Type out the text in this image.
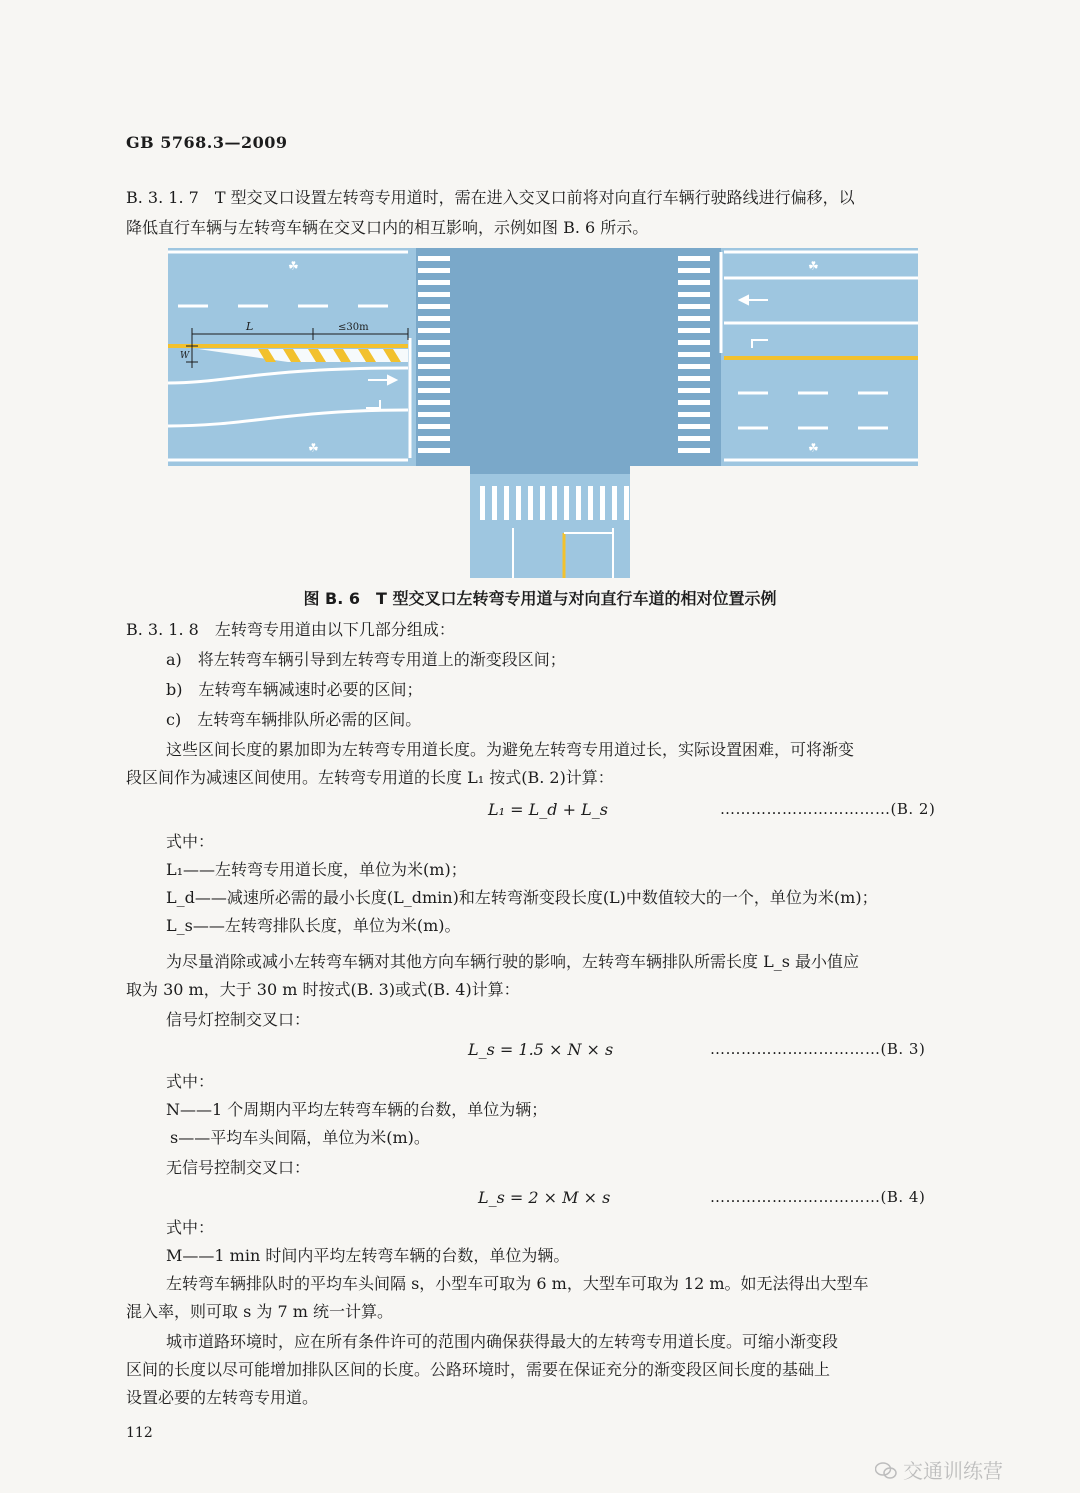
GB 5768.3—2009
B. 3. 1. 7　T 型交叉口设置左转弯专用道时，需在进入交叉口前将对向直行车辆行驶路线进行偏移，以
降低直行车辆与左转弯车辆在交叉口内的相互影响，示例如图 B. 6 所示。
L	≤30m
W
☘
☘
☘
☘
图 B. 6　T 型交叉口左转弯专用道与对向直行车道的相对位置示例
B. 3. 1. 8　左转弯专用道由以下几部分组成：
a)　将左转弯车辆引导到左转弯专用道上的渐变段区间；
b)　左转弯车辆减速时必要的区间；
c)　左转弯车辆排队所必需的区间。
这些区间长度的累加即为左转弯专用道长度。为避免左转弯专用道过长，实际设置困难，可将渐变
段区间作为减速区间使用。左转弯专用道的长度 L₁ 按式(B. 2)计算：
L₁ = L_d + L_s	……………………………(B. 2)
式中：
L₁——左转弯专用道长度，单位为米(m)；
L_d——减速所必需的最小长度(L_dmin)和左转弯渐变段长度(L)中数值较大的一个，单位为米(m)；
L_s——左转弯排队长度，单位为米(m)。
为尽量消除或减小左转弯车辆对其他方向车辆行驶的影响，左转弯车辆排队所需长度 L_s 最小值应
取为 30 m，大于 30 m 时按式(B. 3)或式(B. 4)计算：
信号灯控制交叉口：
L_s = 1.5 × N × s	……………………………(B. 3)
式中：
N——1 个周期内平均左转弯车辆的台数，单位为辆；
s——平均车头间隔，单位为米(m)。
无信号控制交叉口：
L_s = 2 × M × s	……………………………(B. 4)
式中：
M——1 min 时间内平均左转弯车辆的台数，单位为辆。
左转弯车辆排队时的平均车头间隔 s，小型车可取为 6 m，大型车可取为 12 m。如无法得出大型车
混入率，则可取 s 为 7 m 统一计算。
城市道路环境时，应在所有条件许可的范围内确保获得最大的左转弯专用道长度。可缩小渐变段
区间的长度以尽可能增加排队区间的长度。公路环境时，需要在保证充分的渐变段区间长度的基础上
设置必要的左转弯专用道。
112
交通训练营
